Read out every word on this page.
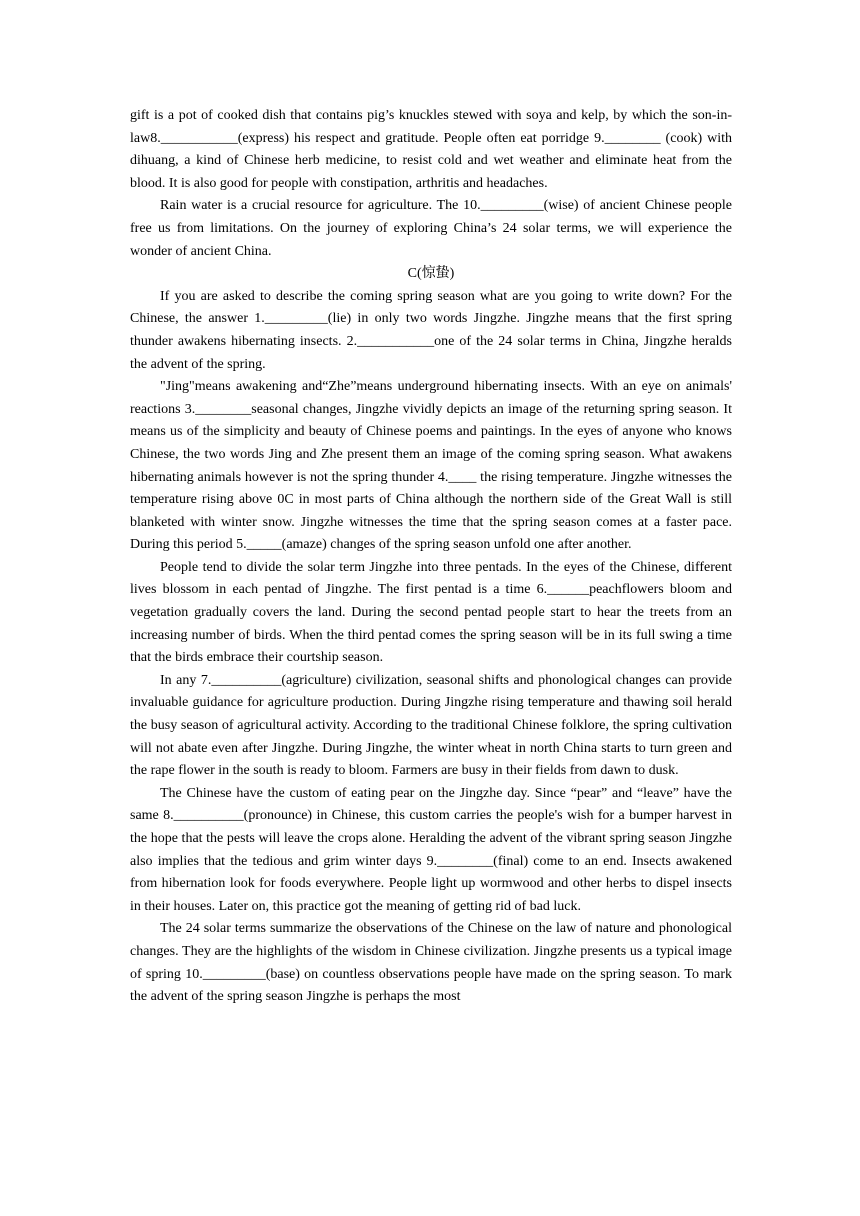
gift is a pot of cooked dish that contains pig’s knuckles stewed with soya and kelp, by which the son-in-law8.___________(express) his respect and gratitude. People often eat porridge 9.________ (cook) with dihuang, a kind of Chinese herb medicine, to resist cold and wet weather and eliminate heat from the blood. It is also good for people with constipation, arthritis and headaches.

Rain water is a crucial resource for agriculture. The 10._________(wise) of ancient Chinese people free us from limitations. On the journey of exploring China’s 24 solar terms, we will experience the wonder of ancient China.

C(惊蛰)

If you are asked to describe the coming spring season what are you going to write down? For the Chinese, the answer 1._________(lie) in only two words Jingzhe. Jingzhe means that the first spring thunder awakens hibernating insects. 2.___________one of the 24 solar terms in China, Jingzhe heralds the advent of the spring.

"Jing"means awakening and“Zhe”means underground hibernating insects. With an eye on animals' reactions 3.________seasonal changes, Jingzhe vividly depicts an image of the returning spring season. It means us of the simplicity and beauty of Chinese poems and paintings. In the eyes of anyone who knows Chinese, the two words Jing and Zhe present them an image of the coming spring season. What awakens hibernating animals however is not the spring thunder 4.____ the rising temperature. Jingzhe witnesses the temperature rising above 0C in most parts of China although the northern side of the Great Wall is still blanketed with winter snow. Jingzhe witnesses the time that the spring season comes at a faster pace. During this period 5._____(amaze) changes of the spring season unfold one after another.

People tend to divide the solar term Jingzhe into three pentads. In the eyes of the Chinese, different lives blossom in each pentad of Jingzhe. The first pentad is a time 6.______peachflowers bloom and vegetation gradually covers the land. During the second pentad people start to hear the treets from an increasing number of birds. When the third pentad comes the spring season will be in its full swing a time that the birds embrace their courtship season.

In any 7.__________(agriculture) civilization, seasonal shifts and phonological changes can provide invaluable guidance for agriculture production. During Jingzhe rising temperature and thawing soil herald the busy season of agricultural activity. According to the traditional Chinese folklore, the spring cultivation will not abate even after Jingzhe. During Jingzhe, the winter wheat in north China starts to turn green and the rape flower in the south is ready to bloom. Farmers are busy in their fields from dawn to dusk.

The Chinese have the custom of eating pear on the Jingzhe day. Since “pear” and “leave” have the same 8.__________(pronounce) in Chinese, this custom carries the people's wish for a bumper harvest in the hope that the pests will leave the crops alone. Heralding the advent of the vibrant spring season Jingzhe also implies that the tedious and grim winter days 9.________(final) come to an end. Insects awakened from hibernation look for foods everywhere. People light up wormwood and other herbs to dispel insects in their houses. Later on, this practice got the meaning of getting rid of bad luck.

The 24 solar terms summarize the observations of the Chinese on the law of nature and phonological changes. They are the highlights of the wisdom in Chinese civilization. Jingzhe presents us a typical image of spring 10._________(base) on countless observations people have made on the spring season. To mark the advent of the spring season Jingzhe is perhaps the most
